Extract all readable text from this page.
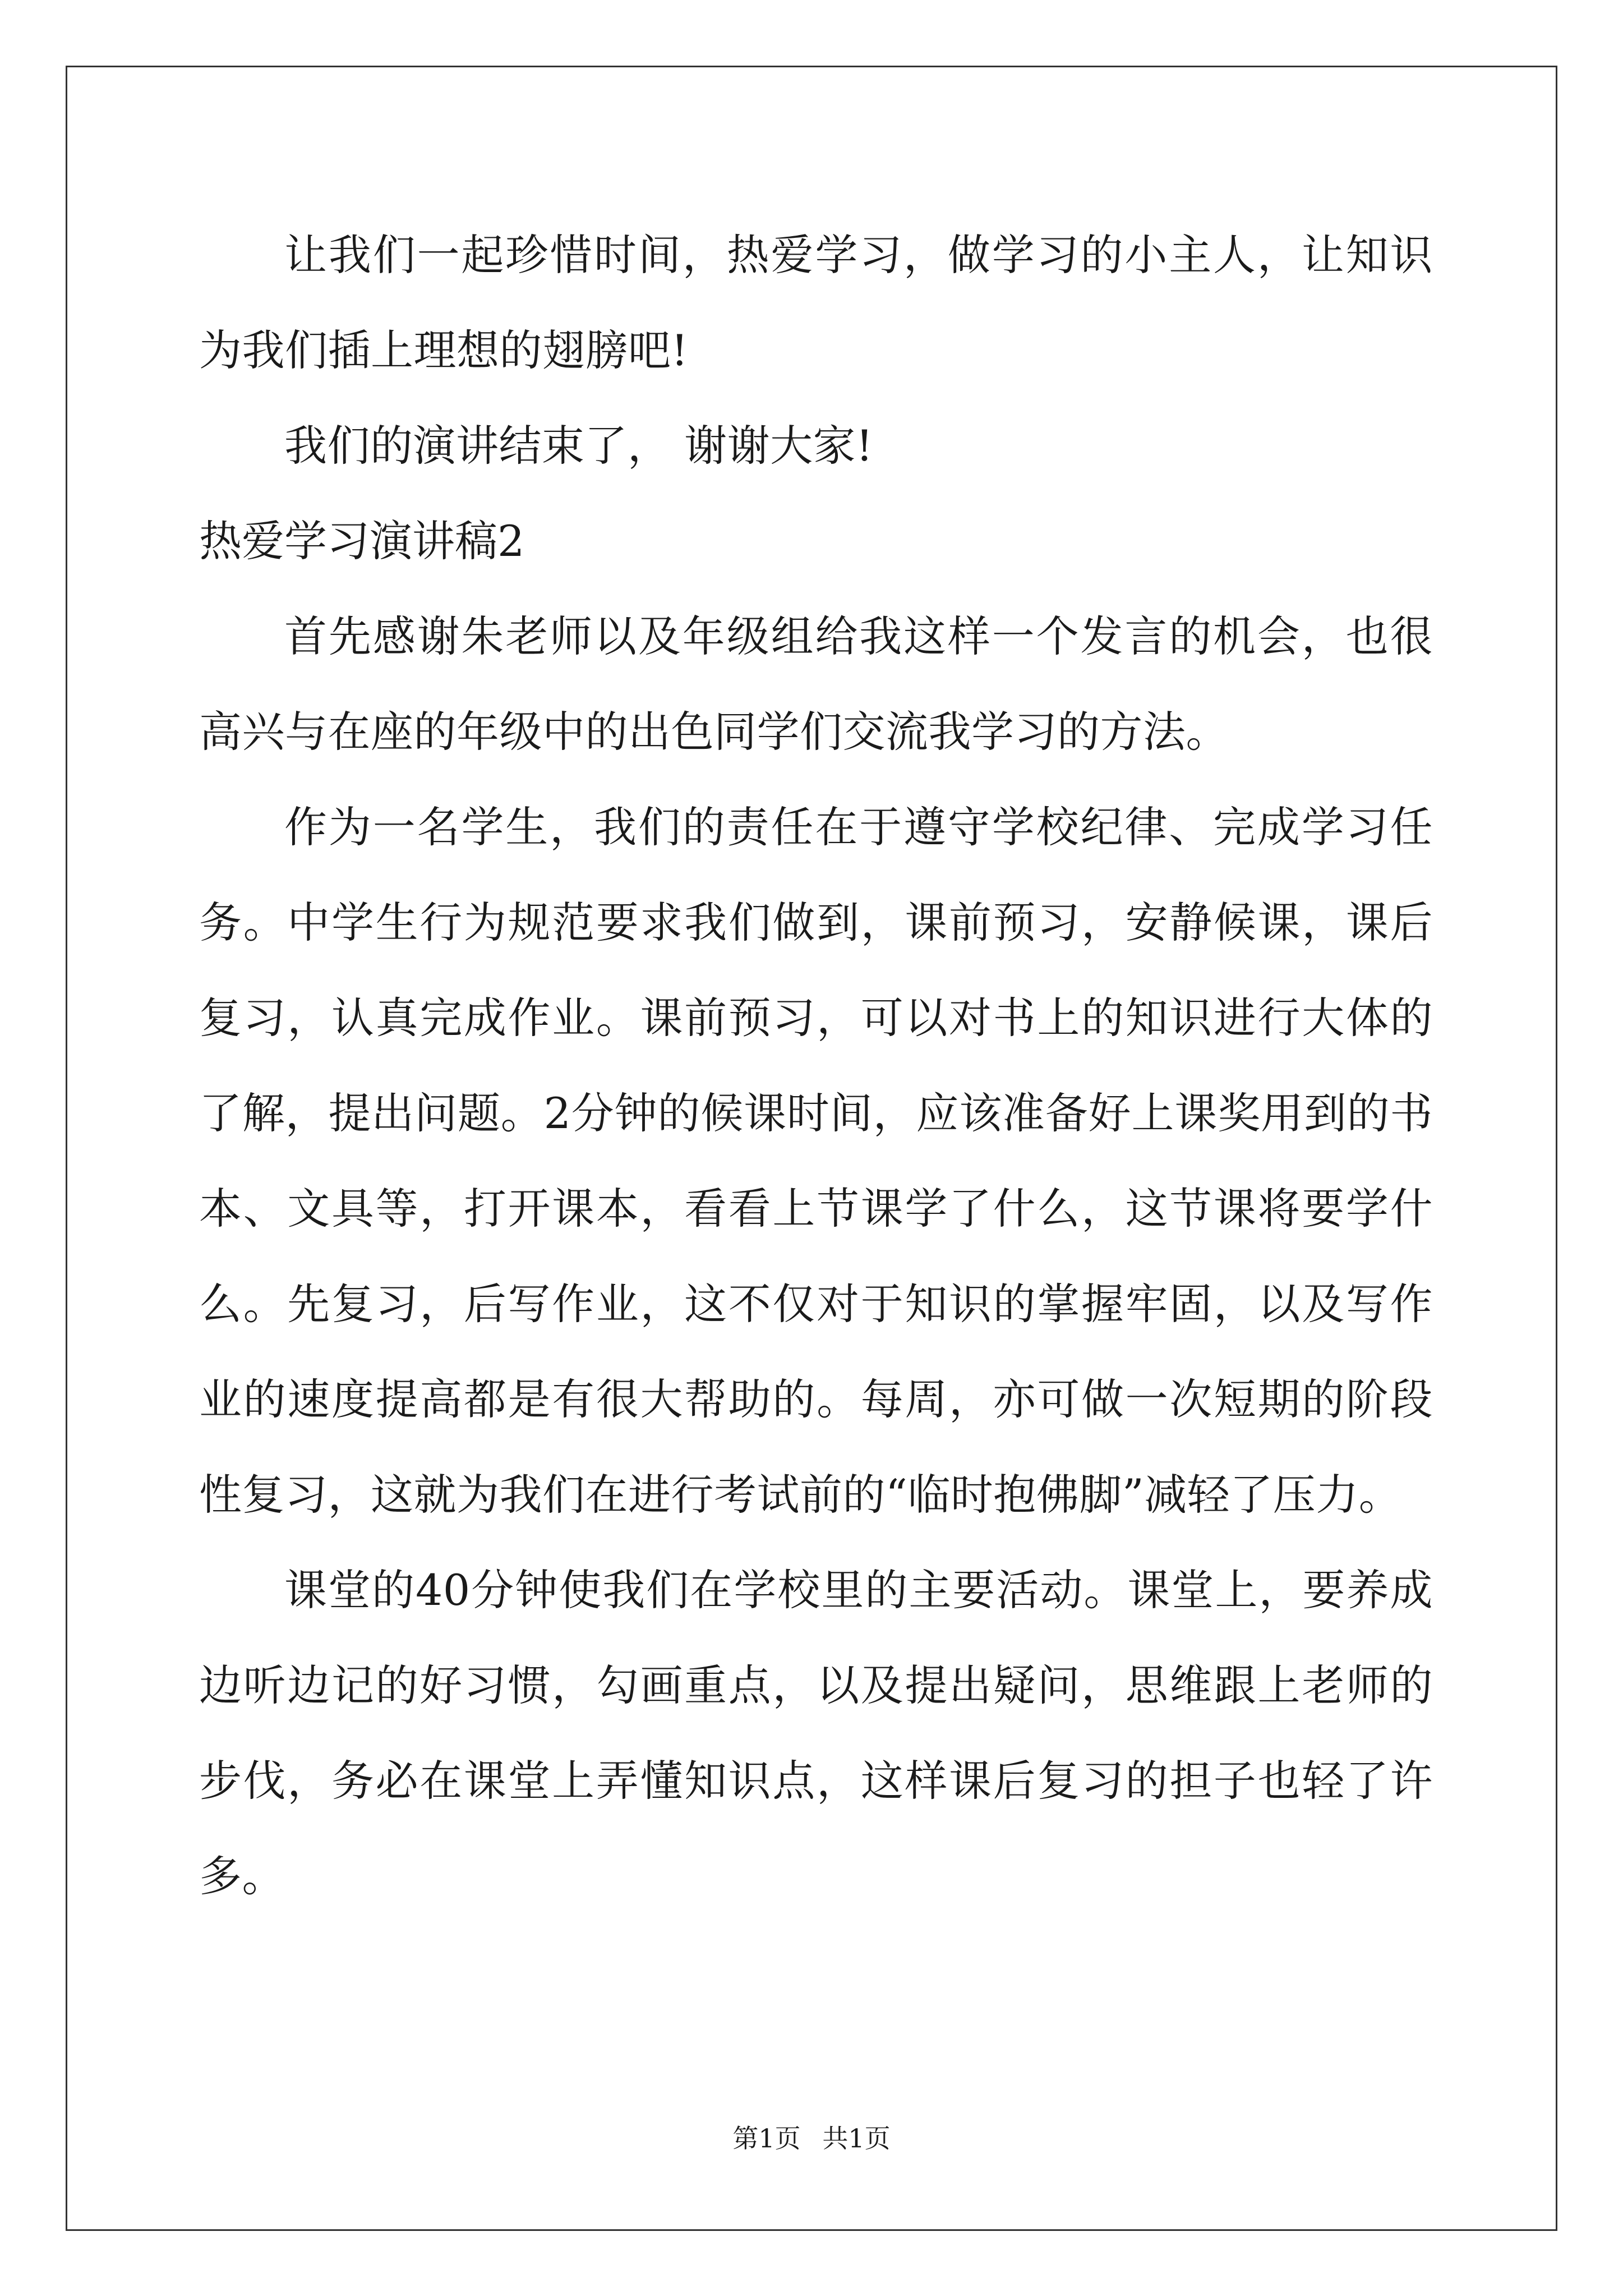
让我们一起珍惜时间，热爱学习，做学习的小主人，让知识为我们插上理想的翅膀吧!

我们的演讲结束了， 谢谢大家!

热爱学习演讲稿2

首先感谢朱老师以及年级组给我这样一个发言的机会，也很高兴与在座的年级中的出色同学们交流我学习的方法。

作为一名学生，我们的责任在于遵守学校纪律、完成学习任务。中学生行为规范要求我们做到，课前预习，安静候课，课后复习，认真完成作业。课前预习，可以对书上的知识进行大体的了解，提出问题。2分钟的候课时间，应该准备好上课奖用到的书本、文具等，打开课本，看看上节课学了什么，这节课将要学什么。先复习，后写作业，这不仅对于知识的掌握牢固，以及写作业的速度提高都是有很大帮助的。每周，亦可做一次短期的阶段性复习，这就为我们在进行考试前的“临时抱佛脚”减轻了压力。

课堂的40分钟使我们在学校里的主要活动。课堂上，要养成边听边记的好习惯，勾画重点，以及提出疑问，思维跟上老师的步伐，务必在课堂上弄懂知识点，这样课后复习的担子也轻了许多。

第1页 共1页
